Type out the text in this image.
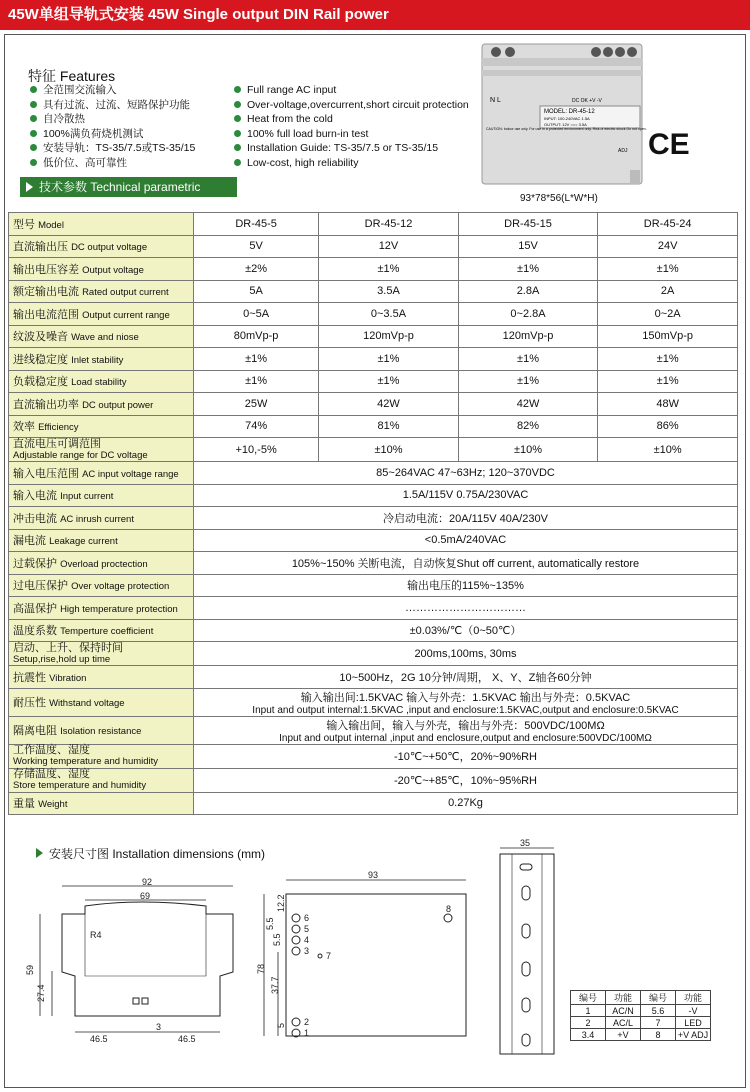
45W单组导轨式安装 45W Single output DIN Rail power
特征 Features
全范围交流输入
具有过流、过流、短路保护功能
自冷散热
100%满负荷烧机测试
安装导轨：TS-35/7.5或TS-35/15
低价位、高可靠性
Full range AC input
Over-voltage,overcurrent,short circuit protection
Heat from the cold
100% full load burn-in test
Installation Guide: TS-35/7.5 or TS-35/15
Low-cost, high reliability
技术参数 Technical parametric
N L	DC OK +V -V
MODEL: DR-45-12
INPUT: 100-240VAC 1.5A
OUTPUT: 12V === 3.5A
CAUTION: Indoor use only. For use in a protected environment only. Risk of electric shock Do not open.
ADJ CE
93*78*56(L*W*H)
型号 Model	DR-45-5	DR-45-12	DR-45-15	DR-45-24
直流输出压 DC output voltage	5V	12V	15V	24V
输出电压容差 Output voltage	±2%	±1%	±1%	±1%
额定输出电流 Rated output current	5A	3.5A	2.8A	2A
输出电流范围 Output current range	0~5A	0~3.5A	0~2.8A	0~2A
纹波及噪音 Wave and niose	80mVp-p	120mVp-p	120mVp-p	150mVp-p
进线稳定度 Inlet stability	±1%	±1%	±1%	±1%
负载稳定度 Load stability	±1%	±1%	±1%	±1%
直流输出功率 DC output power	25W	42W	42W	48W
效率 Efficiency	74%	81%	82%	86%

直流电压可调范围
Adjustable range for DC voltage	+10,-5%	±10%	±10%	±10%
输入电压范围 AC input voltage range	85~264VAC 47~63Hz; 120~370VDC			
输入电流 Input current	1.5A/115V 0.75A/230VAC			
冲击电流 AC inrush current	冷启动电流：20A/115V 40A/230V			
漏电流 Leakage current	<0.5mA/240VAC			
过载保护 Overload proctection	105%~150% 关断电流，自动恢复Shut off current, automatically restore			
过电压保护 Over voltage protection	输出电压的115%~135%			
高温保护 High temperature protection	……………………………			
温度系数 Temperture coefficient	±0.03%/℃（0~50℃）			

启动、上升、保持时间
Setup,rise,hold up time	200ms,100ms, 30ms			
抗震性 Vibration	10~500Hz，2G 10分钟/周期， X、Y、Z轴各60分钟			
耐压性 Withstand voltage	输入输出间:1.5KVAC 输入与外壳：1.5KVAC 输出与外壳：0.5KVAC
Input and output internal:1.5KVAC ,input and enclosure:1.5KVAC,output and enclosure:0.5KVAC			

隔离电阻 Isolation resistance	输入输出间，输入与外壳，输出与外壳：500VDC/100MΩ
Input and output internal ,input and enclosure,output and enclosure:500VDC/100MΩ			

工作温度、湿度
Working temperature and humidity	-10℃~+50℃，20%~90%RH			

存储温度、湿度
Store temperature and humidity	-20℃~+85℃，10%~95%RH			
重量 Weight	0.27Kg			
安装尺寸图 Installation dimensions (mm)
92
69
R4
59
27.4
46.5	46.5
3
93
78
37.7
12.2
5.5
5.5
5
6
5
4
3 7
8
2
1
35
编号	功能	编号	功能
1	AC/N	5.6	-V
2	AC/L	7	LED
3.4	+V	8	+V ADJ
